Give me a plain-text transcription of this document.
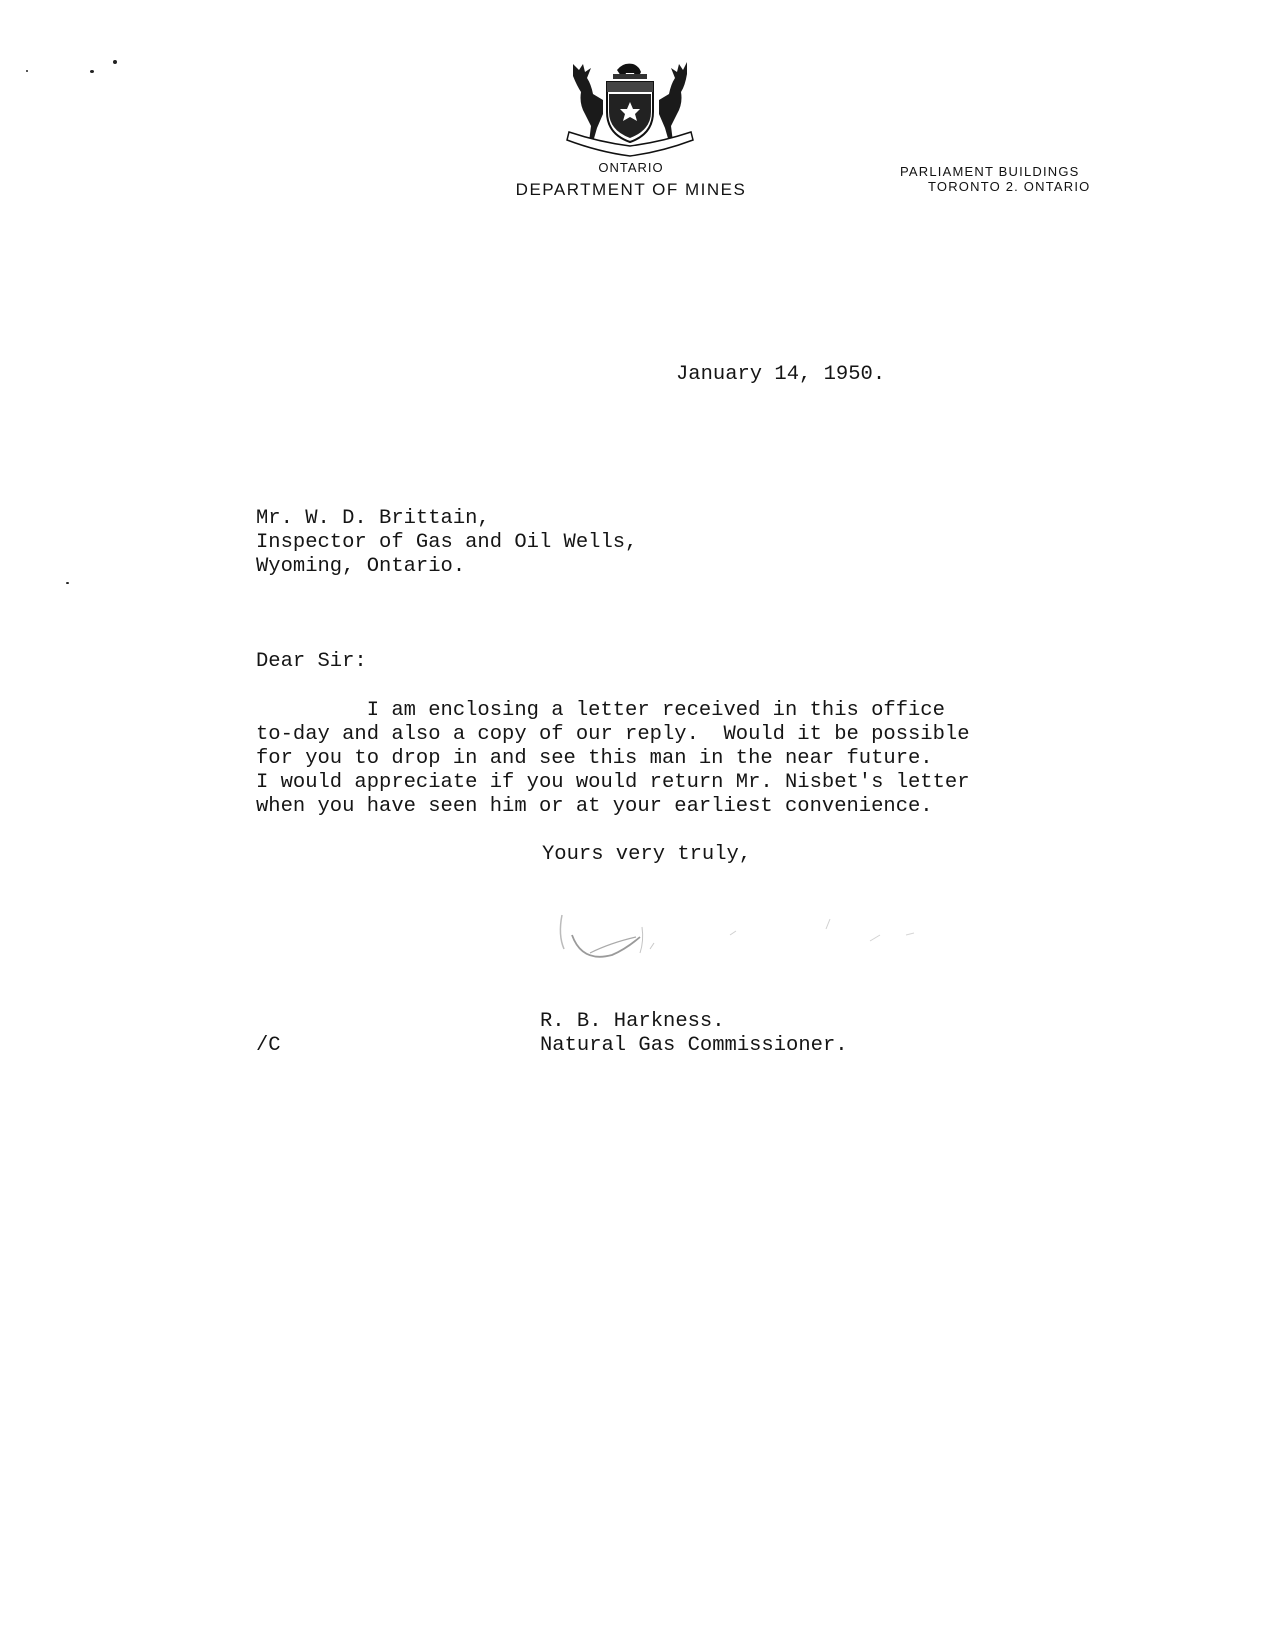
ONTARIO
DEPARTMENT OF MINES
PARLIAMENT BUILDINGS
TORONTO 2. ONTARIO
January 14, 1950.
Mr. W. D. Brittain,
Inspector of Gas and Oil Wells,
Wyoming, Ontario.
Dear Sir:
I am enclosing a letter received in this office
to-day and also a copy of our reply.  Would it be possible
for you to drop in and see this man in the near future.
I would appreciate if you would return Mr. Nisbet's letter
when you have seen him or at your earliest convenience.
Yours very truly,
R. B. Harkness.
Natural Gas Commissioner.
/C
